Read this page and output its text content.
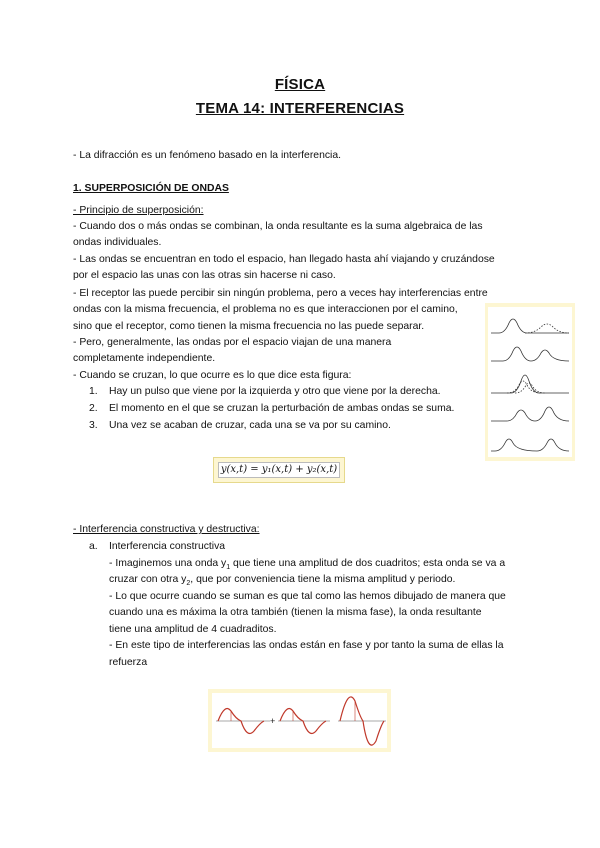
FÍSICA
TEMA 14: INTERFERENCIAS
- La difracción es un fenómeno basado en la interferencia.
1. SUPERPOSICIÓN DE ONDAS
- Principio de superposición:
- Cuando dos o más ondas se combinan, la onda resultante es la suma algebraica de las
ondas individuales.
- Las ondas se encuentran en todo el espacio, han llegado hasta ahí viajando y cruzándose
por el espacio las unas con las otras sin hacerse ni caso.
- El receptor las puede percibir sin ningún problema, pero a veces hay interferencias entre
ondas con la misma frecuencia, el problema no es que interaccionen por el camino,
sino que el receptor, como tienen la misma frecuencia no las puede separar.
- Pero, generalmente, las ondas por el espacio viajan de una manera
completamente independiente.
- Cuando se cruzan, lo que ocurre es lo que dice esta figura:
1. Hay un pulso que viene por la izquierda y otro que viene por la derecha.
2. El momento en el que se cruzan la perturbación de ambas ondas se suma.
3. Una vez se acaban de cruzar, cada una se va por su camino.
y(x,t) = y₁(x,t) + y₂(x,t)
- Interferencia constructiva y destructiva:
a. Interferencia constructiva
- Imaginemos una onda $y_1$ que tiene una amplitud de dos cuadritos; esta onda se va a
cruzar con otra $y_2$, que por conveniencia tiene la misma amplitud y periodo.
- Lo que ocurre cuando se suman es que tal como las hemos dibujado de manera que
cuando una es máxima la otra también (tienen la misma fase), la onda resultante
tiene una amplitud de 4 cuadraditos.
- En este tipo de interferencias las ondas están en fase y por tanto la suma de ellas la
refuerza
+
